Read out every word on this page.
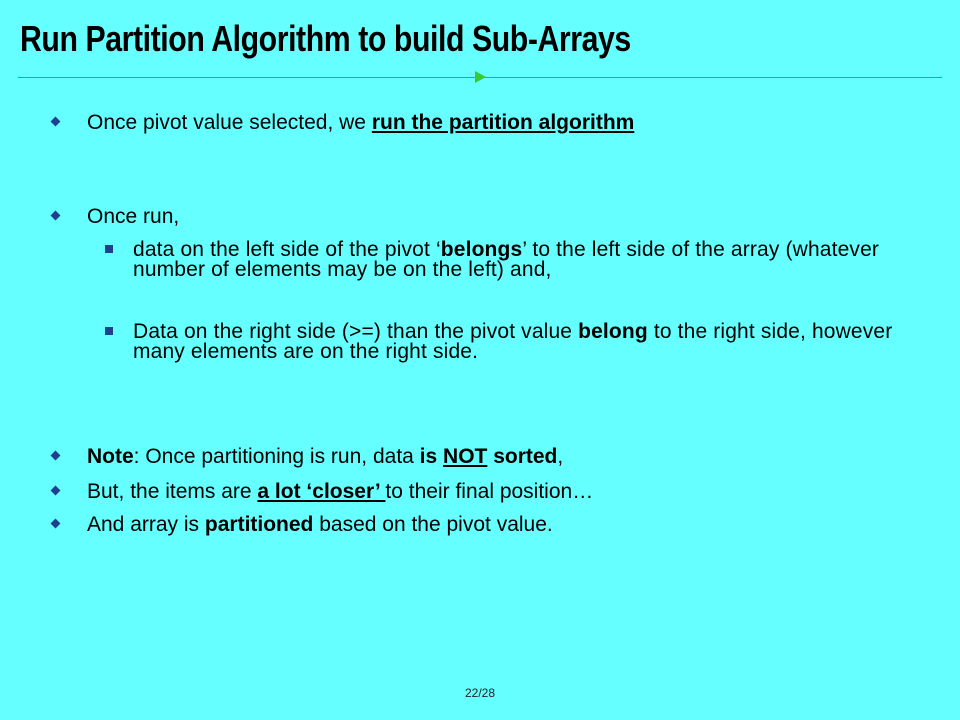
Run Partition Algorithm to build Sub-Arrays
Once pivot value selected, we run the partition algorithm
Once run,
data on the left side of the pivot ‘belongs’ to the left side of the array (whatever number of elements may be on the left) and,
Data on the right side (>=) than the pivot value belong to the right side, however many elements are on the right side.
Note: Once partitioning is run, data is NOT sorted,
But, the items are a lot ‘closer’ to their final position…
And array is partitioned based on the pivot value.
22/28
